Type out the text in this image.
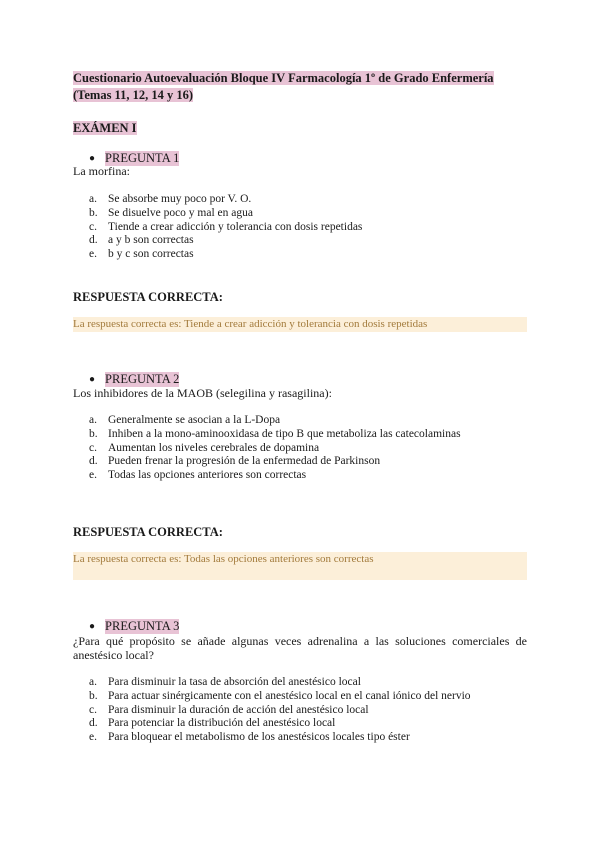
Cuestionario Autoevaluación Bloque IV Farmacología 1º de Grado Enfermería (Temas 11, 12, 14 y 16)
EXÁMEN I
● PREGUNTA 1
La morfina:
a. Se absorbe muy poco por V. O.
b. Se disuelve poco y mal en agua
c. Tiende a crear adicción y tolerancia con dosis repetidas
d. a y b son correctas
e. b y c son correctas
RESPUESTA CORRECTA:
La respuesta correcta es: Tiende a crear adicción y tolerancia con dosis repetidas
● PREGUNTA 2
Los inhibidores de la MAOB (selegilina y rasagilina):
a. Generalmente se asocian a la L-Dopa
b. Inhiben a la mono-aminooxidasa de tipo B que metaboliza las catecolaminas
c. Aumentan los niveles cerebrales de dopamina
d. Pueden frenar la progresión de la enfermedad de Parkinson
e. Todas las opciones anteriores son correctas
RESPUESTA CORRECTA:
La respuesta correcta es: Todas las opciones anteriores son correctas
● PREGUNTA 3
¿Para qué propósito se añade algunas veces adrenalina a las soluciones comerciales de anestésico local?
a. Para disminuir la tasa de absorción del anestésico local
b. Para actuar sinérgicamente con el anestésico local en el canal iónico del nervio
c. Para disminuir la duración de acción del anestésico local
d. Para potenciar la distribución del anestésico local
e. Para bloquear el metabolismo de los anestésicos locales tipo éster
